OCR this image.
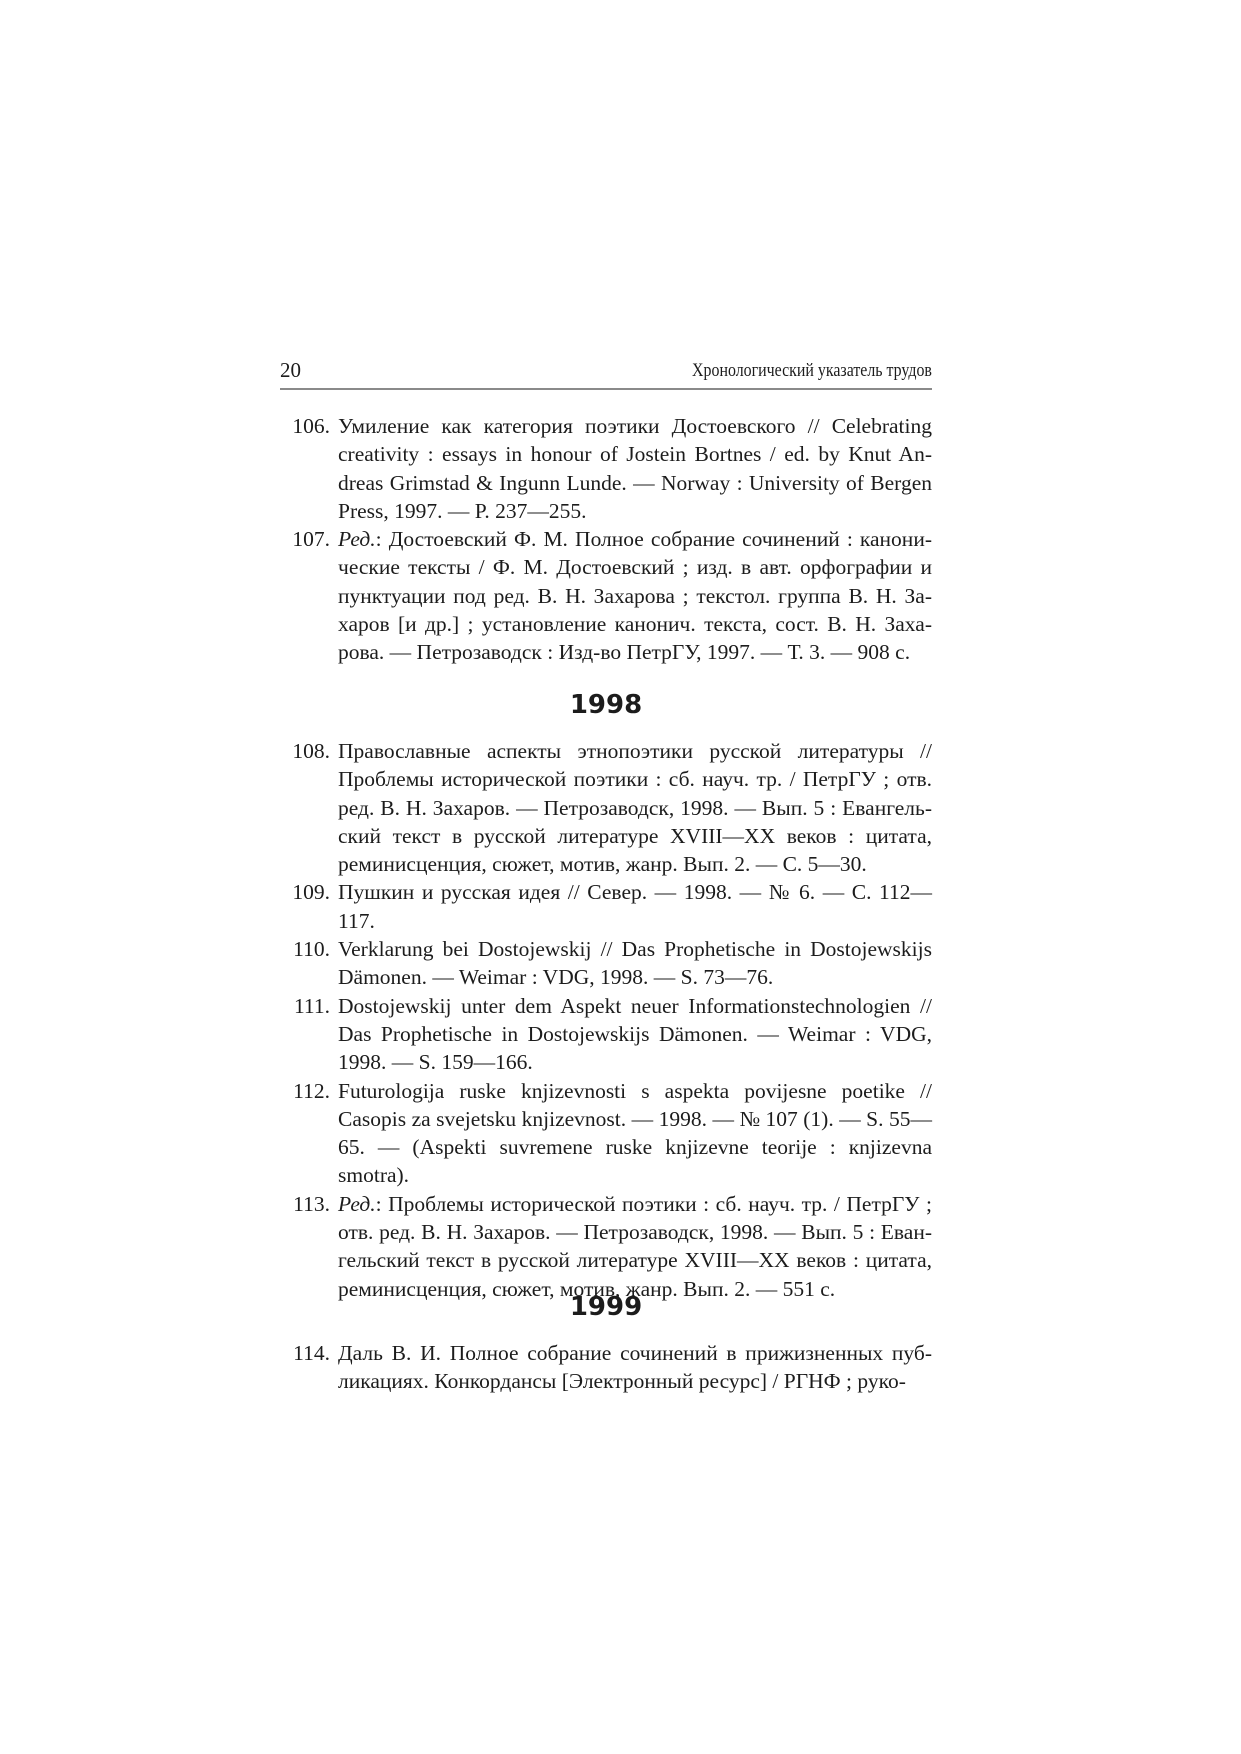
20	Хронологический указатель трудов
106. Умиление как категория поэтики Достоевского // Celebrating creativity : essays in honour of Jostein Bortnes / ed. by Knut Andreas Grimstad & Ingunn Lunde. — Norway : University of Bergen Press, 1997. — P. 237—255.
107. Ред.: Достоевский Ф. М. Полное собрание сочинений : канонические тексты / Ф. М. Достоевский ; изд. в авт. орфографии и пунктуации под ред. В. Н. Захарова ; текстол. группа В. Н. Захаров [и др.] ; установление канонич. текста, сост. В. Н. Захарова. — Петрозаводск : Изд-во ПетрГУ, 1997. — Т. 3. — 908 с.
1998
108. Православные аспекты этнопоэтики русской литературы // Проблемы исторической поэтики : сб. науч. тр. / ПетрГУ ; отв. ред. В. Н. Захаров. — Петрозаводск, 1998. — Вып. 5 : Евангельский текст в русской литературе XVIII—XX веков : цитата, реминисценция, сюжет, мотив, жанр. Вып. 2. — С. 5—30.
109. Пушкин и русская идея // Север. — 1998. — № 6. — С. 112— 117.
110. Verklarung bei Dostojewskij // Das Prophetische in Dostojewskijs Dämonen. — Weimar : VDG, 1998. — S. 73—76.
111. Dostojewskij unter dem Aspekt neuer Informationstechnologien // Das Prophetische in Dostojewskijs Dämonen. — Weimar : VDG, 1998. — S. 159—166.
112. Futurologija ruske knjizevnosti s aspekta povijesne poetike // Casopis za svejetsku knjizevnost. — 1998. — № 107 (1). — S. 55—65. — (Aspekti suvremene ruske knjizevne teorije : кnjizevna smotra).
113. Ред.: Проблемы исторической поэтики : сб. науч. тр. / ПетрГУ ; отв. ред. В. Н. Захаров. — Петрозаводск, 1998. — Вып. 5 : Евангельский текст в русской литературе XVIII—XX веков : цитата, реминисценция, сюжет, мотив, жанр. Вып. 2. — 551 с.
1999
114. Даль В. И. Полное собрание сочинений в прижизненных публикациях. Конкордансы [Электронный ресурс] / РГНФ ; руко-
